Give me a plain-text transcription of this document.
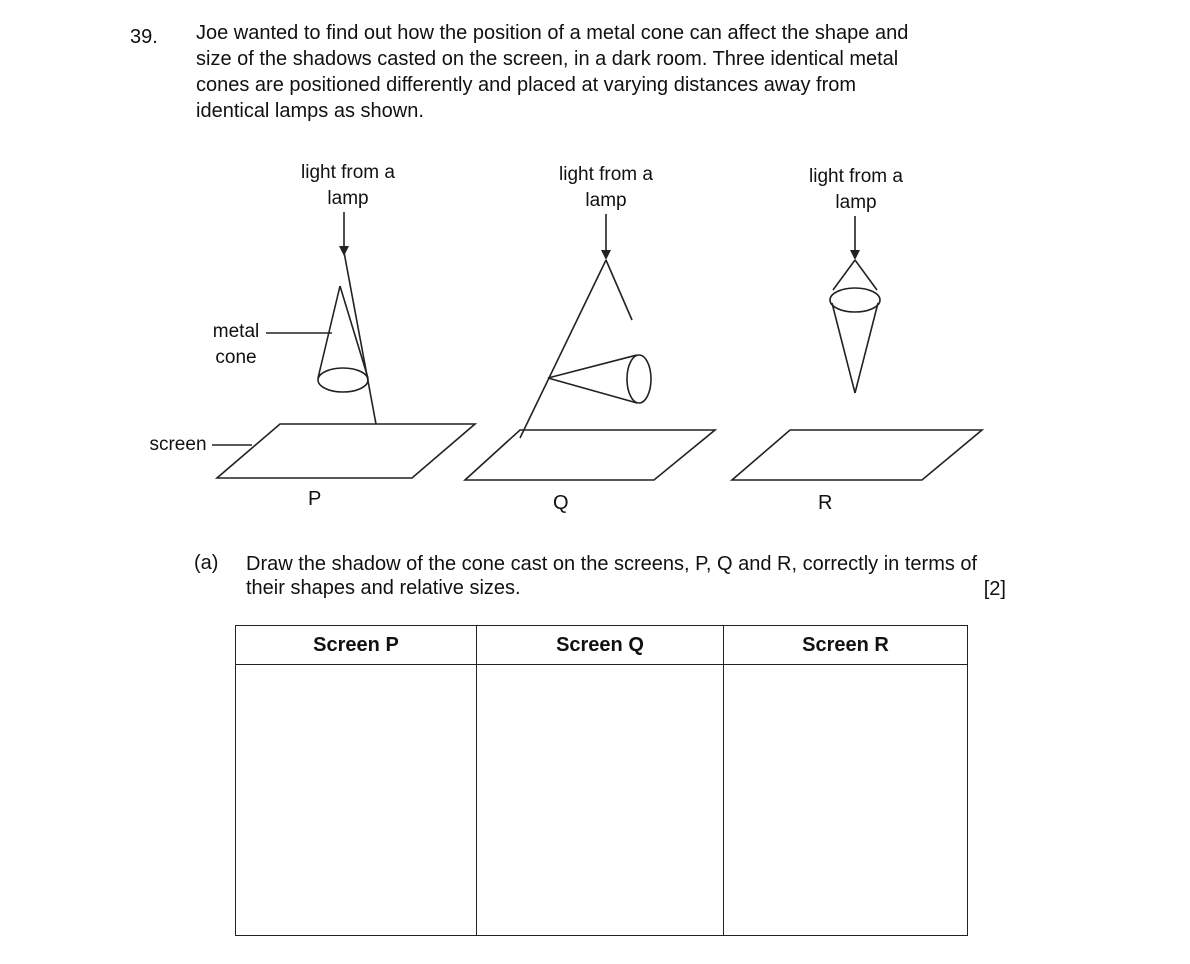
39. Joe wanted to find out how the position of a metal cone can affect the shape and

size of the shadows casted on the screen, in a dark room. Three identical metal

cones are positioned differently and placed at varying distances away from

identical lamps as shown.

light from a
lamp
light from a
lamp
light from a
lamp
metal
cone
screen
P	Q	R
(a) Draw the shadow of the cone cast on the screens, P, Q and R, correctly in terms of their shapes and relative sizes.	[2]
Screen P	Screen Q	Screen R
